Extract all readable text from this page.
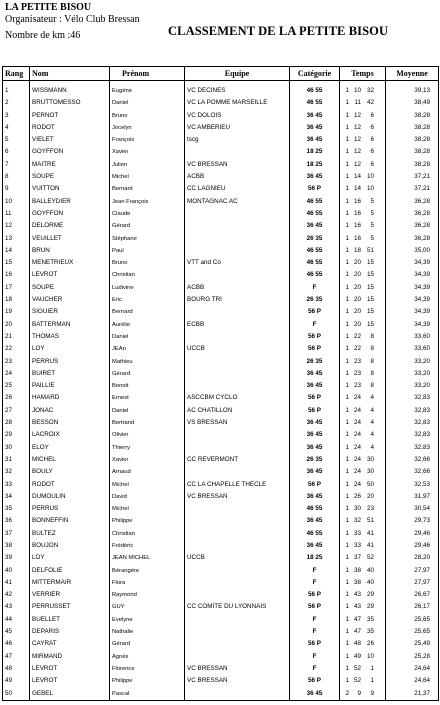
LA PETITE BISOU
Organisateur : Vélo Club Bressan
Nombre de km :46	CLASSEMENT DE LA PETITE BISOU
Rang	Nom	Prénom	Equipe	Catégorie	Temps	Moyenne
1	WISSMANN	Eugène	VC DECINES	46 55	1 10 32	39,13
2	BRUTTOMESSO	Daniel	VC LA POMME MARSEILLE	46 55	1 11 42	38,49
3	PERNOT	Bruno	VC DOLOIS	36 45	1 12 6	38,28
4	RODOT	Jocelyn	VC AMBERIEU	36 45	1 12 6	38,28
5	VIELET	François	tscg	36 45	1 12 6	38,28
6	GOYFFON	Xavier		18 25	1 12 6	38,28
7	MAITRE	Julien	VC BRESSAN	18 25	1 12 6	38,28
8	SOUPE	Michel	ACBB	36 45	1 14 10	37,21
9	VUITTON	Bernard	CC LAGNIEU	56 P	1 14 10	37,21
10	BALLEYDIER	Jean François	MONTAGNAC AC	46 55	1 16 5	36,28
11	GOYFFON	Claude		46 55	1 16 5	36,28
12	DELORME	Gérard		36 45	1 16 5	36,28
13	VEUILLET	Stéphane		26 35	1 16 5	36,28
14	BRUN	Paul		46 55	1 18 51	35,00
15	MENETRIEUX	Bruno	VTT and Co	46 55	1 20 15	34,39
16	LEVROT	Christian		46 55	1 20 15	34,39
17	SOUPE	Ludivine	ACBB	F	1 20 15	34,39
18	VAUCHER	Eric	BOURG TRI	26 35	1 20 15	34,39
19	SIGUIER	Bernard		56 P	1 20 15	34,39
20	BATTERMAN	Aurélie	ECBB	F	1 20 15	34,39
21	THOMAS	Daniel		56 P	1 22 8	33,60
22	LOY	JEAn	UCCB	56 P	1 22 8	33,60
23	PERRUS	Mathieu		26 35	1 23 8	33,20
24	BUIRET	Gérard		36 45	1 23 8	33,20
25	PAILLIE	Benoit		36 45	1 23 8	33,20
26	HAMARD	Ernest	ASCCBM CYCLO	56 P	1 24 4	32,83
27	JONAC	Daniel	AC CHATILLON	56 P	1 24 4	32,83
28	BESSON	Bertrand	VS BRESSAN	36 45	1 24 4	32,83
29	LACROIX	Olivier		36 45	1 24 4	32,83
30	ELOY	Thierry		36 45	1 24 4	32,83
31	MICHEL	Xavier	CC REVERMONT	26 35	1 24 30	32,66
32	BOULY	Arnaud		36 45	1 24 30	32,66
33	RODOT	Michel	CC LA CHAPELLE THECLE	56 P	1 24 50	32,53
34	DUMOULIN	David	VC BRESSAN	36 45	1 26 20	31,97
35	PERRUS	Michel		46 55	1 30 23	30,54
36	BONNEFFIN	Philippe		36 45	1 32 51	29,73
37	BULTEZ	Christian		46 55	1 33 41	29,46
38	BOUJON	Frédéric		36 45	1 33 41	29,46
39	LOY	JEAN MICHEL	UCCB	18 25	1 37 52	28,20
40	DELFOLIE	Bérangère		F	1 38 40	27,97
41	MITTERMAIR	Flora		F	1 38 40	27,97
42	VERRIER	Raymond		56 P	1 43 29	26,67
43	PERRUSSET	GUY	CC COMITE DU LYONNAIS	56 P	1 43 29	26,17
44	BUELLET	Evelyne		F	1 47 35	25,65
45	DEPARIS	Nathalie		F	1 47 35	25,65
46	CAYRAT	Gérard		56 P	1 48 26	25,49
47	MIRMAND	Agnès		F	1 49 10	25,28
48	LEVROT	Florence	VC BRESSAN	F	1 52 1	24,64
49	LEVROT	Philippe	VC BRESSAN	56 P	1 52 1	24,64
50	GEBEL	Pascal		36 45	2 9 9	21,37
